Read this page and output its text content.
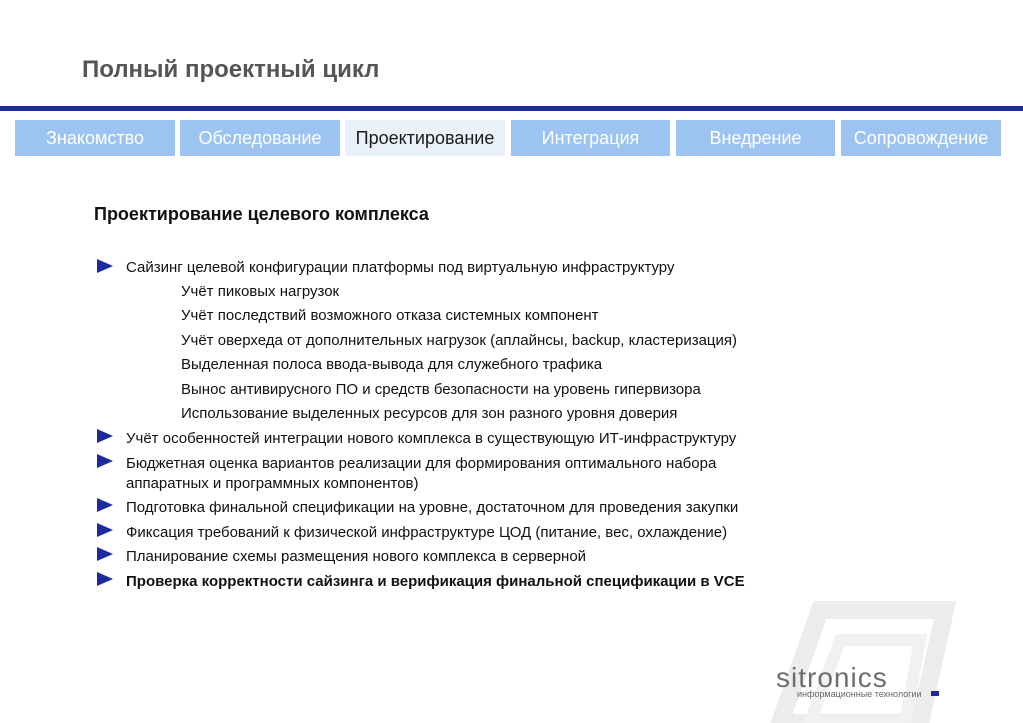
Полный проектный цикл
Знакомство	Обследование	Проектирование	Интеграция	Внедрение	Сопровождение
Проектирование целевого комплекса
Сайзинг целевой конфигурации платформы под виртуальную инфраструктуру
Учёт пиковых нагрузок
Учёт последствий возможного отказа системных компонент
Учёт оверхеда от дополнительных нагрузок (аплайнсы, backup, кластеризация)
Выделенная полоса ввода-вывода для служебного трафика
Вынос антивирусного ПО и средств безопасности на уровень гипервизора
Использование выделенных ресурсов для зон разного уровня доверия
Учёт особенностей интеграции нового комплекса в существующую ИТ-инфраструктуру
Бюджетная оценка вариантов реализации для формирования оптимального набора
аппаратных и программных компонентов)
Подготовка финальной спецификации на уровне, достаточном для проведения закупки
Фиксация требований к физической инфраструктуре ЦОД (питание, вес, охлаждение)
Планирование схемы размещения нового комплекса в серверной
Проверка корректности сайзинга и верификация финальной спецификации в VCE
sitronics
информационные технологии
